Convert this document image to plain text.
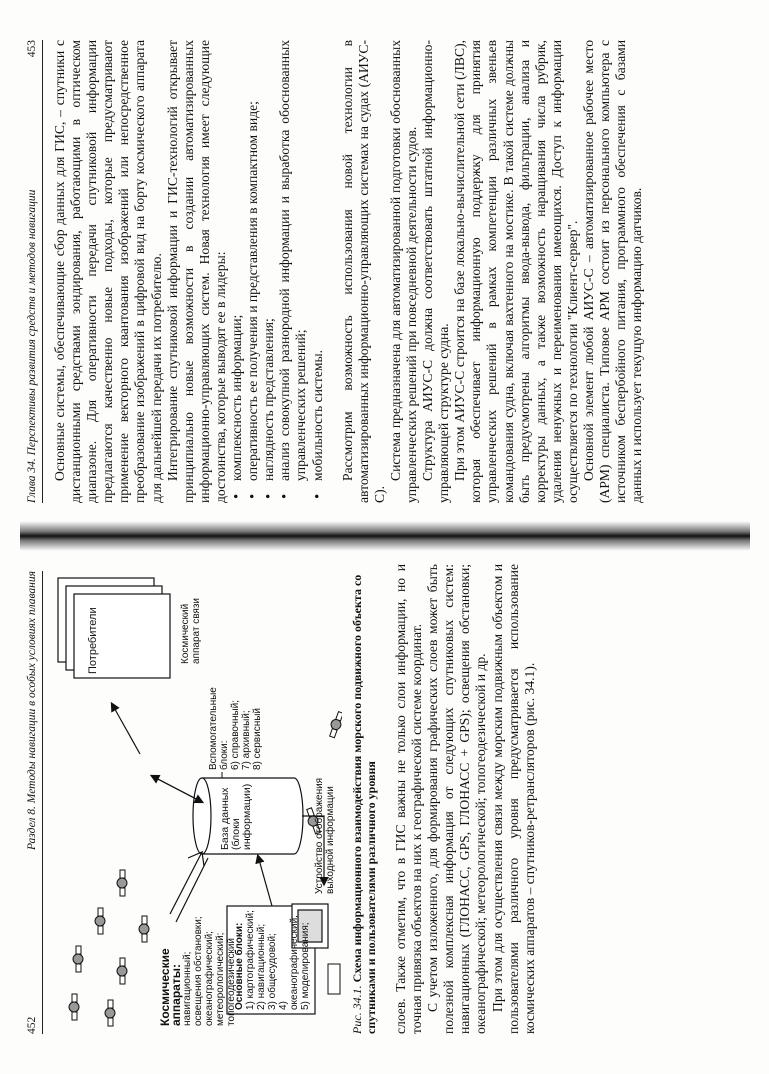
452
Раздел 8. Методы навигации в особых условиях плавания
Космические аппараты: навигационный; освещения обстановки; океанографический; метеорологический; топогеодезический
Основные блоки: 1) картографический; 2) навигационный; 3) общесудовой; 4) океанографический; 5) моделирования;
База данных (блоки информации)
Вспомогательные блоки: 6) справочный; 7) архивный; 8) сервисный
Потребители	Космический аппарат связи
Устройство отображения выходной информации
Рис. 34.1. Схема информационного взаимодействия морского подвижного объекта со спутниками и пользователями различного уровня слоев. Также отметим, что в ГИС важны не только слои информации, но и точная привязка объектов на них к географической системе координат. С учетом изложенного, для формирования графических слоев может быть полезной комплексная информация от следующих спутниковых систем: навигационных (ГЛОНАСС, GPS, ГЛОНАСС + GPS); освещения обстановки; океанографической; метеорологической; топогеодезической и др. При этом для осуществления связи между морским подвижным объектом и пользователями различного уровня предусматривается использование космических аппаратов – спутников-ретрансляторов (рис. 34.1).

Глава 34. Перспективы развития средств и методов навигации
453 Основные системы, обеспечивающие сбор данных для ГИС, – спутники с дистанционными средствами зондирования, работающими в оптическом диапазоне. Для оперативности передачи спутниковой информации предлагаются качественно новые подходы, которые предусматривают применение векторного квантования изображений или непосредственное преобразование изображений в цифровой вид на борту космического аппарата для дальнейшей передачи их потребителю. Интегрирование спутниковой информации и ГИС-технологий открывает принципиально новые возможности в создании автоматизированных информационно-управляющих систем. Новая технология имеет следующие достоинства, которые выводят ее в лидеры: • комплексность информации; • оперативность ее получения и представления в компактном виде; • наглядность представления; • анализ совокупной разнородной информации и выработка обоснованных управленческих решений; • мобильность системы. Рассмотрим возможность использования новой технологии в автоматизированных информационно-управляющих системах на судах (АИУС-С).

Система предназначена для автоматизированной подготовки обоснованных управленческих решений при повседневной деятельности судов. Структура АИУС-С должна соответствовать штатной информационно-управляющей структуре судна. При этом АИУС-С строится на базе локально-вычислительной сети (ЛВС), которая обеспечивает информационную поддержку для принятия управленческих решений в рамках компетенции различных звеньев командования судна, включая вахтенного на мостике. В такой системе должны быть предусмотрены алгоритмы ввода-вывода, фильтрации, анализа и корректуры данных, а также возможность наращивания числа рубрик, удаления ненужных и переименования имеющихся. Доступ к информации осуществляется по технологии "Клиент-сервер". Основной элемент любой АИУС-С – автоматизированное рабочее место (АРМ) специалиста. Типовое АРМ состоит из персонального компьютера с источником беспербойного питания, программного обеспечения с базами данных и использует текущую информацию датчиков.
